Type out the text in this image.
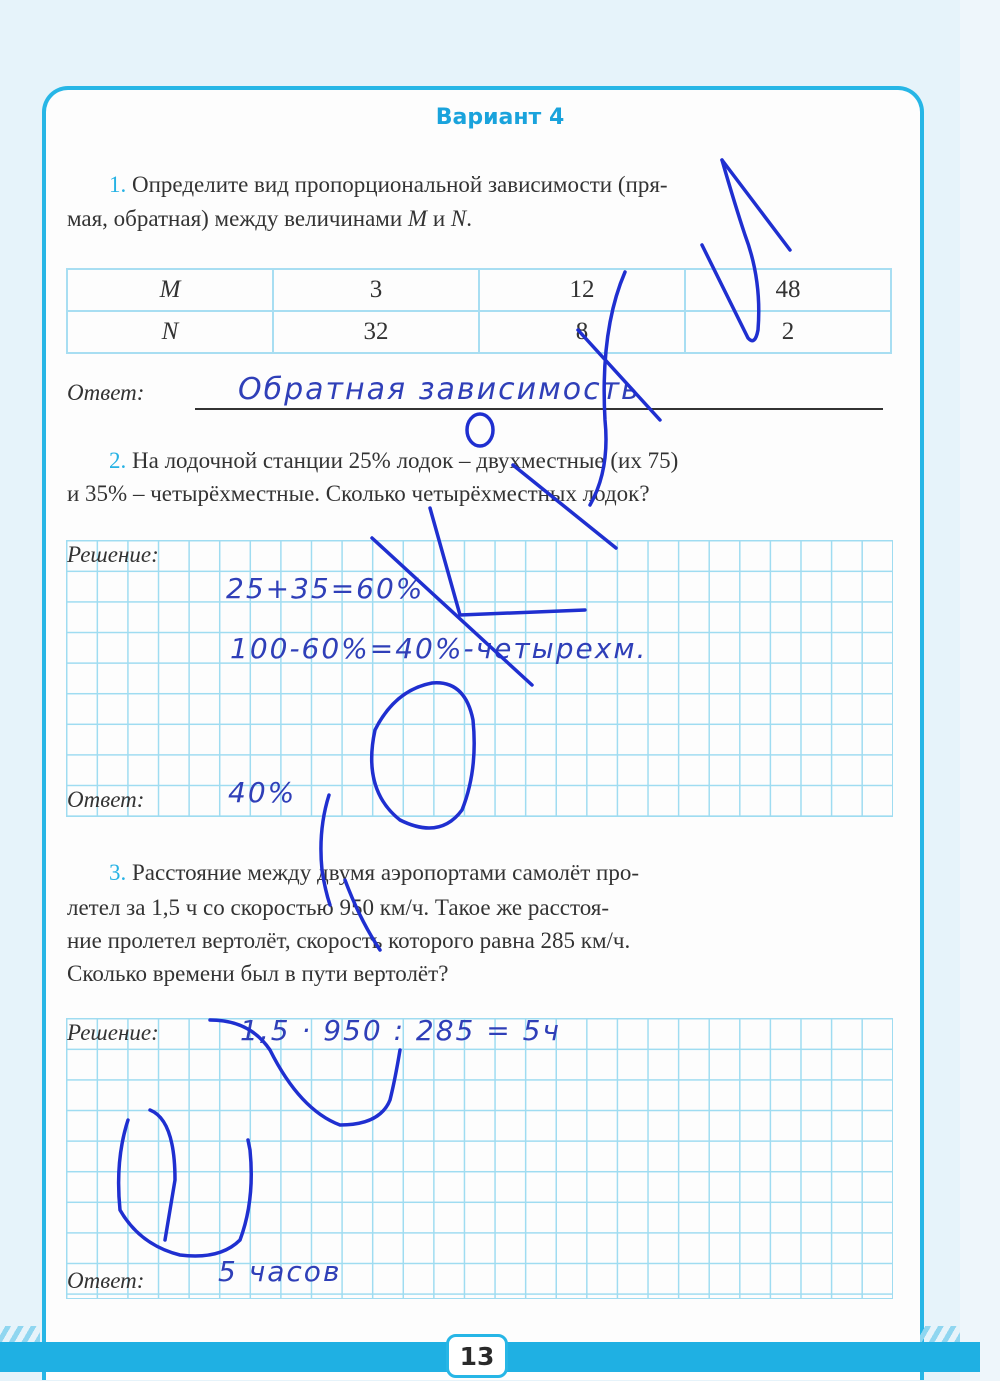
Вариант 4
1. Определите вид пропорциональной зависимости (пря-
мая, обратная) между величинами M и N.
M	3	12	48
N	32	8	2
Ответ:	Обратная зависимость
2. На лодочной станции 25% лодок – двухместные (их 75)
и 35% – четырёхместные. Сколько четырёхместных лодок?
Решение:
25+35=60%
100-60%=40%-четырехм.
Ответ:	40%
3. Расстояние между двумя аэропортами самолёт про-
летел за 1,5 ч со скоростью 950 км/ч. Такое же расстоя-
ние пролетел вертолёт, скорость которого равна 285 км/ч.
Сколько времени был в пути вертолёт?
Решение:	1,5 · 950 : 285 = 5ч
Ответ:	5 часов
13
